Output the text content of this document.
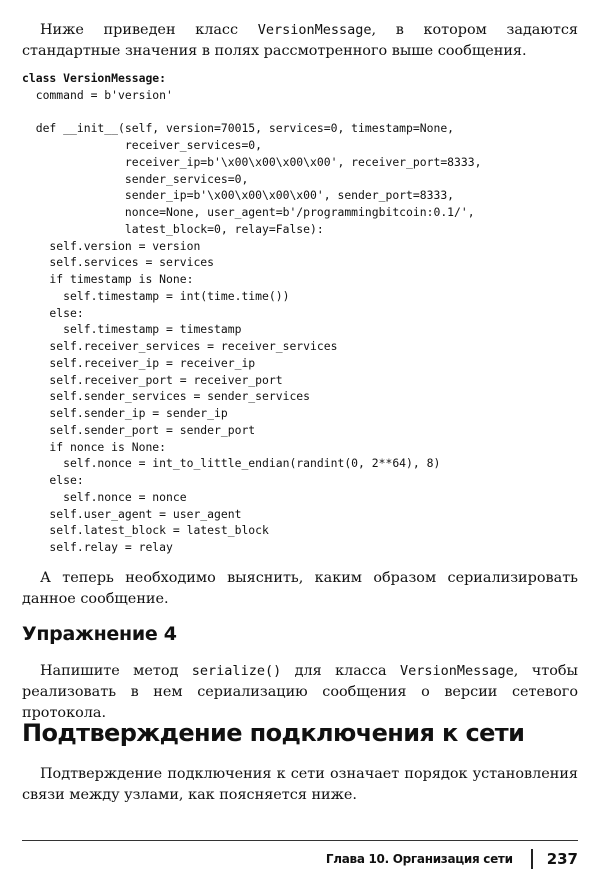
Ниже приведен класс VersionMessage, в котором задаются стандартные значения в полях рассмотренного выше сообщения.

class VersionMessage:
command = b'version'

def __init__(self, version=70015, services=0, timestamp=None,
receiver_services=0,
receiver_ip=b'\x00\x00\x00\x00', receiver_port=8333,
sender_services=0,
sender_ip=b'\x00\x00\x00\x00', sender_port=8333,
nonce=None, user_agent=b'/programmingbitcoin:0.1/',
latest_block=0, relay=False):
self.version = version
self.services = services
if timestamp is None:
self.timestamp = int(time.time())
else:
self.timestamp = timestamp
self.receiver_services = receiver_services
self.receiver_ip = receiver_ip
self.receiver_port = receiver_port
self.sender_services = sender_services
self.sender_ip = sender_ip
self.sender_port = sender_port
if nonce is None:
self.nonce = int_to_little_endian(randint(0, 2**64), 8)
else:
self.nonce = nonce
self.user_agent = user_agent
self.latest_block = latest_block
self.relay = relay

А теперь необходимо выяснить, каким образом сериализировать данное сообщение.

Упражнение 4

Напишите метод serialize() для класса VersionMessage, чтобы реализовать в нем сериализацию сообщения о версии сетевого протокола.

Подтверждение подключения к сети

Подтверждение подключения к сети означает порядок установления связи между узлами, как поясняется ниже.

Глава 10. Организация сети 237
